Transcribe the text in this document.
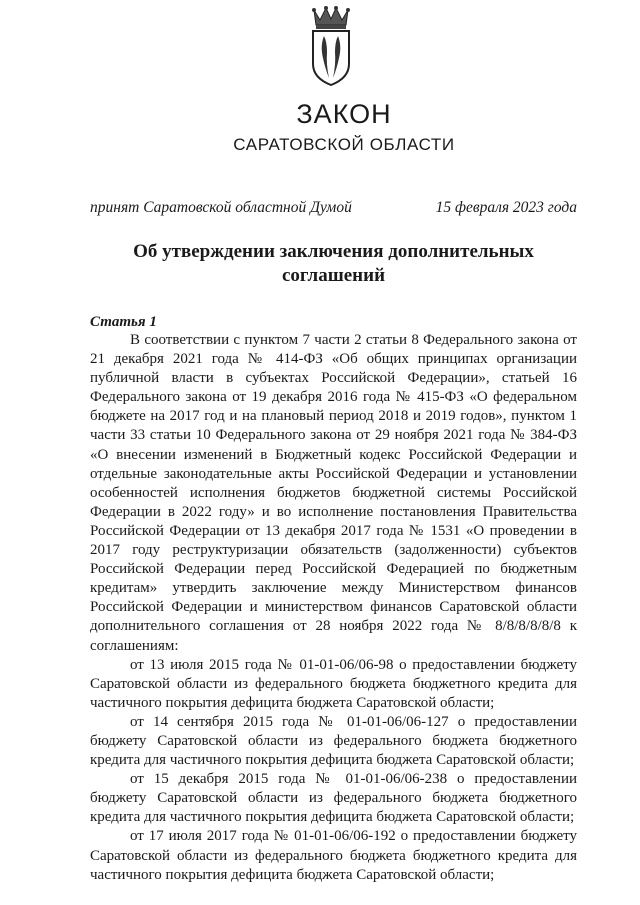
ЗАКОН
САРАТОВСКОЙ ОБЛАСТИ
принят Саратовской областной Думой	15 февраля 2023 года
Об утверждении заключения дополнительных соглашений
Статья 1

В соответствии с пунктом 7 части 2 статьи 8 Федерального закона от 21 декабря 2021 года № 414-ФЗ «Об общих принципах организации публичной власти в субъектах Российской Федерации», статьей 16 Федерального закона от 19 декабря 2016 года № 415-ФЗ «О федеральном бюджете на 2017 год и на плановый период 2018 и 2019 годов», пунктом 1 части 33 статьи 10 Федерального закона от 29 ноября 2021 года № 384-ФЗ «О внесении изменений в Бюджетный кодекс Российской Федерации и отдельные законодательные акты Российской Федерации и установлении особенностей исполнения бюджетов бюджетной системы Российской Федерации в 2022 году» и во исполнение постановления Правительства Российской Федерации от 13 декабря 2017 года № 1531 «О проведении в 2017 году реструктуризации обязательств (задолженности) субъектов Российской Федерации перед Российской Федерацией по бюджетным кредитам» утвердить заключение между Министерством финансов Российской Федерации и министерством финансов Саратовской области дополнительного соглашения от 28 ноября 2022 года № 8/8/8/8/8/8 к соглашениям:

от 13 июля 2015 года № 01-01-06/06-98 о предоставлении бюджету Саратовской области из федерального бюджета бюджетного кредита для частичного покрытия дефицита бюджета Саратовской области;

от 14 сентября 2015 года № 01-01-06/06-127 о предоставлении бюджету Саратовской области из федерального бюджета бюджетного кредита для частичного покрытия дефицита бюджета Саратовской области;

от 15 декабря 2015 года № 01-01-06/06-238 о предоставлении бюджету Саратовской области из федерального бюджета бюджетного кредита для частичного покрытия дефицита бюджета Саратовской области;

от 17 июля 2017 года № 01-01-06/06-192 о предоставлении бюджету Саратовской области из федерального бюджета бюджетного кредита для частичного покрытия дефицита бюджета Саратовской области;
